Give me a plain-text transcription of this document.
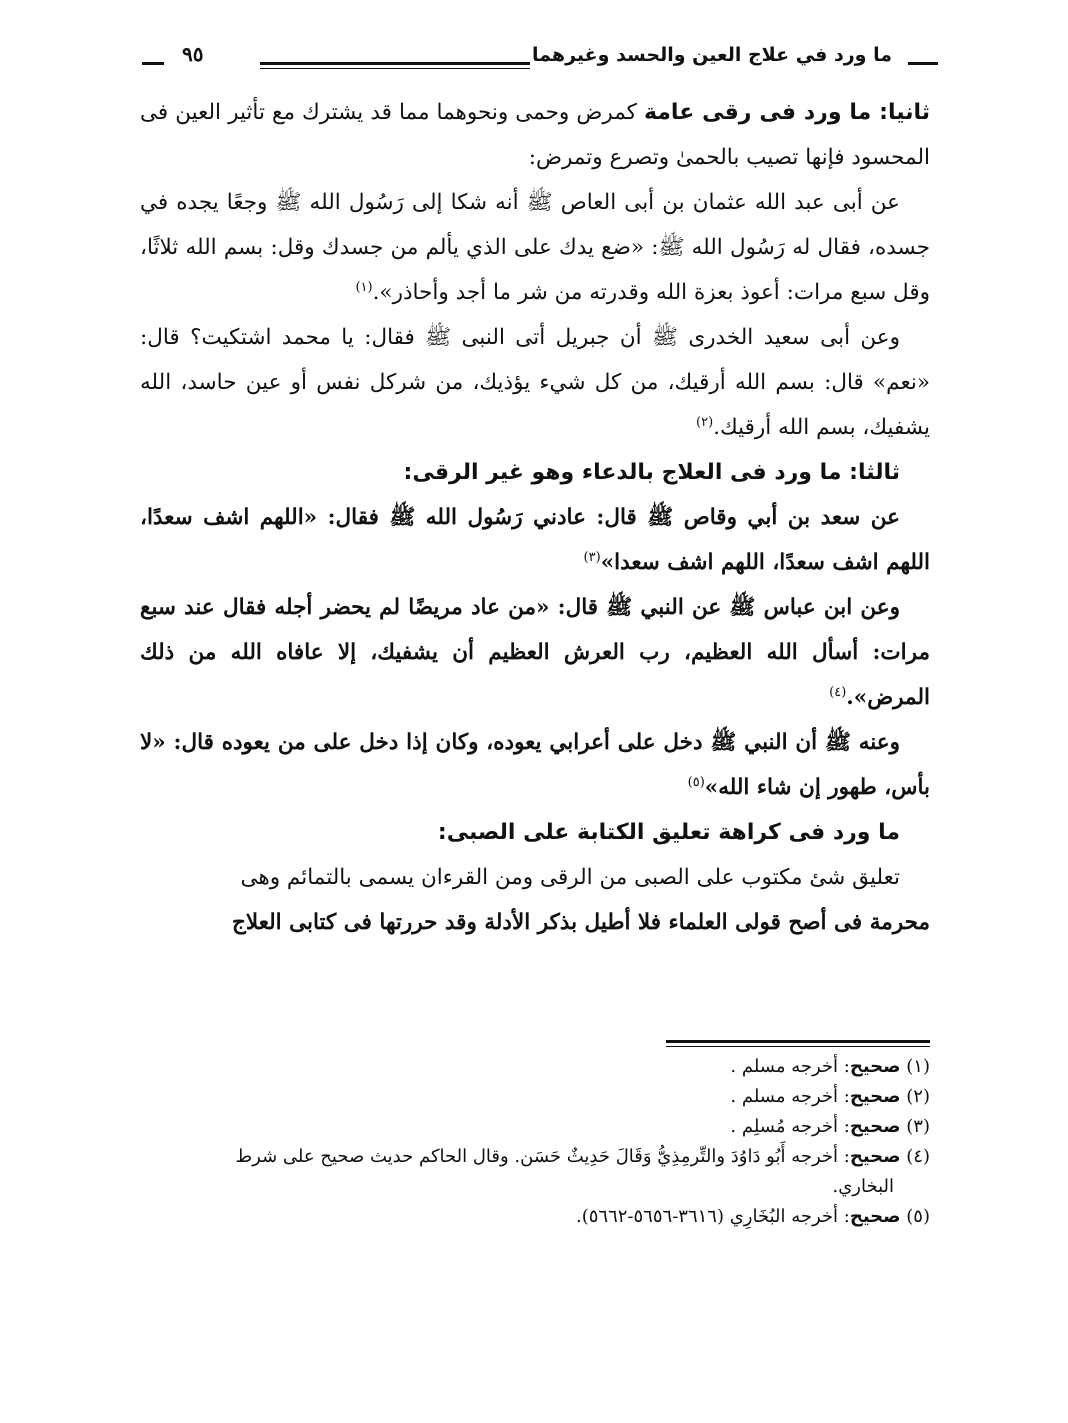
ما ورد في علاج العين والحسد وغيرهما
٩٥

ثانيا: ما ورد فى رقى عامة كمرض وحمى ونحوهما مما قد يشترك مع تأثير العين فى المحسود فإنها تصيب بالحمىٰ وتصرع وتمرض:

عن أبى عبد الله عثمان بن أبى العاص ﷺ أنه شكا إلى رَسُول الله ﷺ وجعًا يجده في جسده، فقال له رَسُول الله ﷺ: «ضع يدك على الذي يألم من جسدك وقل: بسم الله ثلاثًا، وقل سبع مرات: أعوذ بعزة الله وقدرته من شر ما أجد وأحاذر».$^{(١)}$

وعن أبى سعيد الخدرى ﷺ أن جبريل أتى النبى ﷺ فقال: يا محمد اشتكيت؟ قال: «نعم» قال: بسم الله أرقيك، من كل شيء يؤذيك، من شركل نفس أو عين حاسد، الله يشفيك، بسم الله أرقيك.$^{(٢)}$

ثالثا: ما ورد فى العلاج بالدعاء وهو غير الرقى:

عن سعد بن أبي وقاص ﷺ قال: عادني رَسُول الله ﷺ فقال: «اللهم اشف سعدًا، اللهم اشف سعدًا، اللهم اشف سعدا»$^{(٣)}$

وعن ابن عباس ﷺ عن النبي ﷺ قال: «من عاد مريضًا لم يحضر أجله فقال عند سبع مرات: أسأل الله العظيم، رب العرش العظيم أن يشفيك، إلا عافاه الله من ذلك المرض».$^{(٤)}$

وعنه ﷺ أن النبي ﷺ دخل على أعرابي يعوده، وكان إذا دخل على من يعوده قال: «لا بأس، طهور إن شاء الله»$^{(٥)}$

ما ورد فى كراهة تعليق الكتابة على الصبى:

تعليق شئ مكتوب على الصبى من الرقى ومن القرءان يسمى بالتمائم وهى

محرمة فى أصح قولى العلماء فلا أطيل بذكر الأدلة وقد حررتها فى كتابى العلاج

(١) صحيح: أخرجه مسلم .

(٢) صحيح: أخرجه مسلم .

(٣) صحيح: أخرجه مُسلِم .

(٤) صحيح: أخرجه أَبُو دَاوُدَ والتِّرمِذِيُّ وَقَالَ حَدِيثٌ حَسَن. وقال الحاكم حديث صحيح على شرط

البخاري.

(٥) صحيح: أخرجه البُخَارِي (٣٦١٦-٥٦٥٦-٥٦٦٢).
